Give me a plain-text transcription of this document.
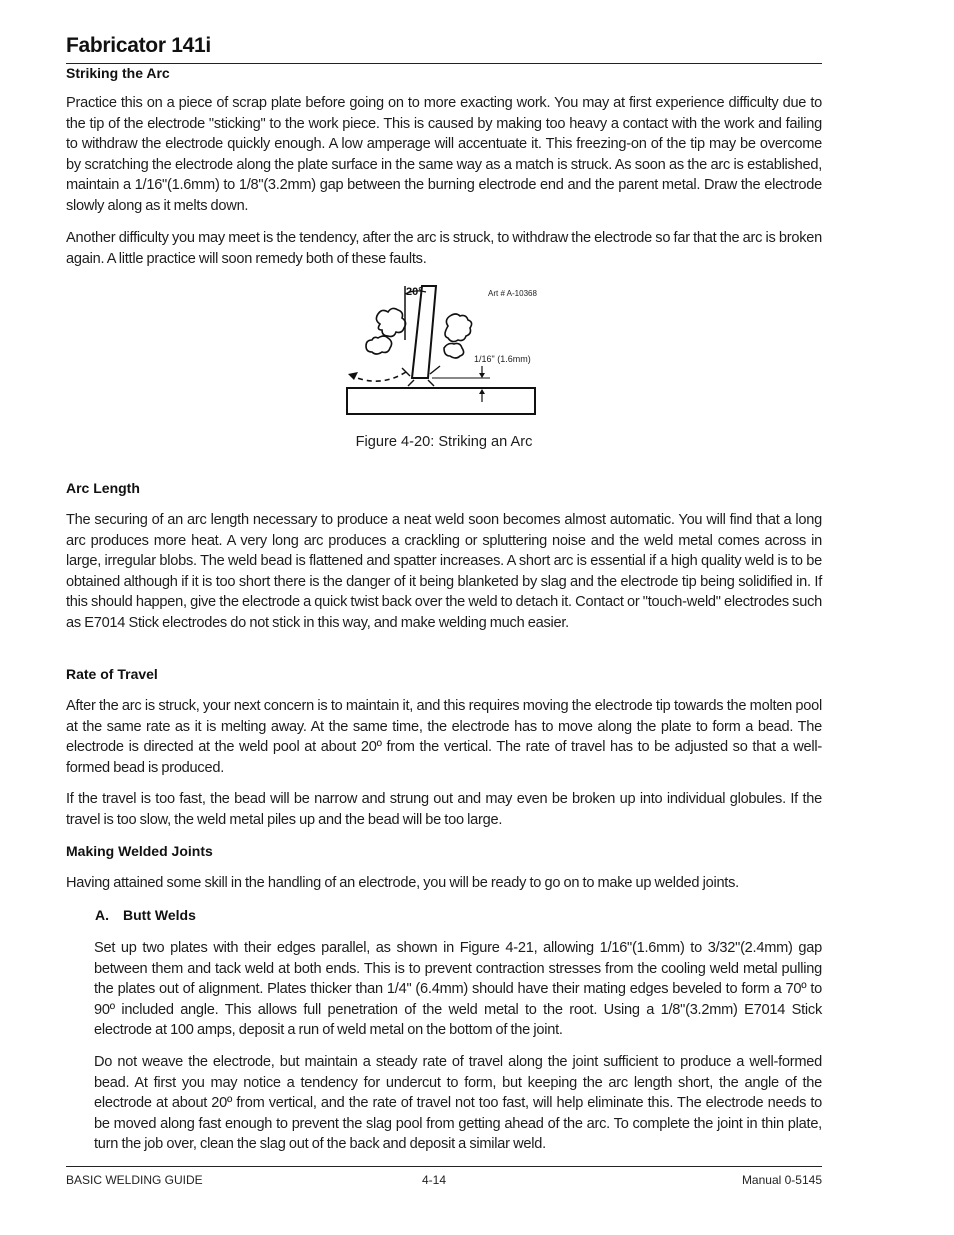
Fabricator 141i
Striking the Arc

Practice this on a piece of scrap plate before going on to more exacting work. You may at first experience difficulty due to the tip of the electrode "sticking" to the work piece. This is caused by making too heavy a contact with the work and failing to withdraw the electrode quickly enough. A low amperage will accentuate it. This freezing-on of the tip may be overcome by scratching the electrode along the plate surface in the same way as a match is struck. As soon as the arc is established, maintain a 1/16"(1.6mm) to 1/8"(3.2mm) gap between the burning electrode end and the parent metal. Draw the electrode slowly along as it melts down.

Another difficulty you may meet is the tendency, after the arc is struck, to withdraw the electrode so far that the arc is broken again. A little practice will soon remedy both of these faults.

20°	Art # A-10368
1/16" (1.6mm)
Figure 4-20: Striking an Arc
Arc Length

The securing of an arc length necessary to produce a neat weld soon becomes almost automatic. You will find that a long arc produces more heat. A very long arc produces a crackling or spluttering noise and the weld metal comes across in large, irregular blobs. The weld bead is flattened and spatter increases. A short arc is essential if a high quality weld is to be obtained although if it is too short there is the danger of it being blanketed by slag and the electrode tip being solidified in. If this should happen, give the electrode a quick twist back over the weld to detach it. Contact or "touch-weld" electrodes such as E7014 Stick electrodes do not stick in this way, and make welding much easier.

Rate of Travel

After the arc is struck, your next concern is to maintain it, and this requires moving the electrode tip towards the molten pool at the same rate as it is melting away. At the same time, the electrode has to move along the plate to form a bead. The electrode is directed at the weld pool at about 20º from the vertical. The rate of travel has to be adjusted so that a well-formed bead is produced.

If the travel is too fast, the bead will be narrow and strung out and may even be broken up into individual globules. If the travel is too slow, the weld metal piles up and the bead will be too large.

Making Welded Joints

Having attained some skill in the handling of an electrode, you will be ready to go on to make up welded joints.

A. Butt Welds

Set up two plates with their edges parallel, as shown in Figure 4-21, allowing 1/16"(1.6mm) to 3/32"(2.4mm) gap between them and tack weld at both ends. This is to prevent contraction stresses from the cooling weld metal pulling the plates out of alignment. Plates thicker than 1/4" (6.4mm) should have their mating edges beveled to form a 70º to 90º included angle. This allows full penetration of the weld metal to the root. Using a 1/8"(3.2mm) E7014 Stick electrode at 100 amps, deposit a run of weld metal on the bottom of the joint.

Do not weave the electrode, but maintain a steady rate of travel along the joint sufficient to produce a well-formed bead. At first you may notice a tendency for undercut to form, but keeping the arc length short, the angle of the electrode at about 20º from vertical, and the rate of travel not too fast, will help eliminate this. The electrode needs to be moved along fast enough to prevent the slag pool from getting ahead of the arc. To complete the joint in thin plate, turn the job over, clean the slag out of the back and deposit a similar weld.

BASIC WELDING GUIDE	4-14	Manual 0-5145
